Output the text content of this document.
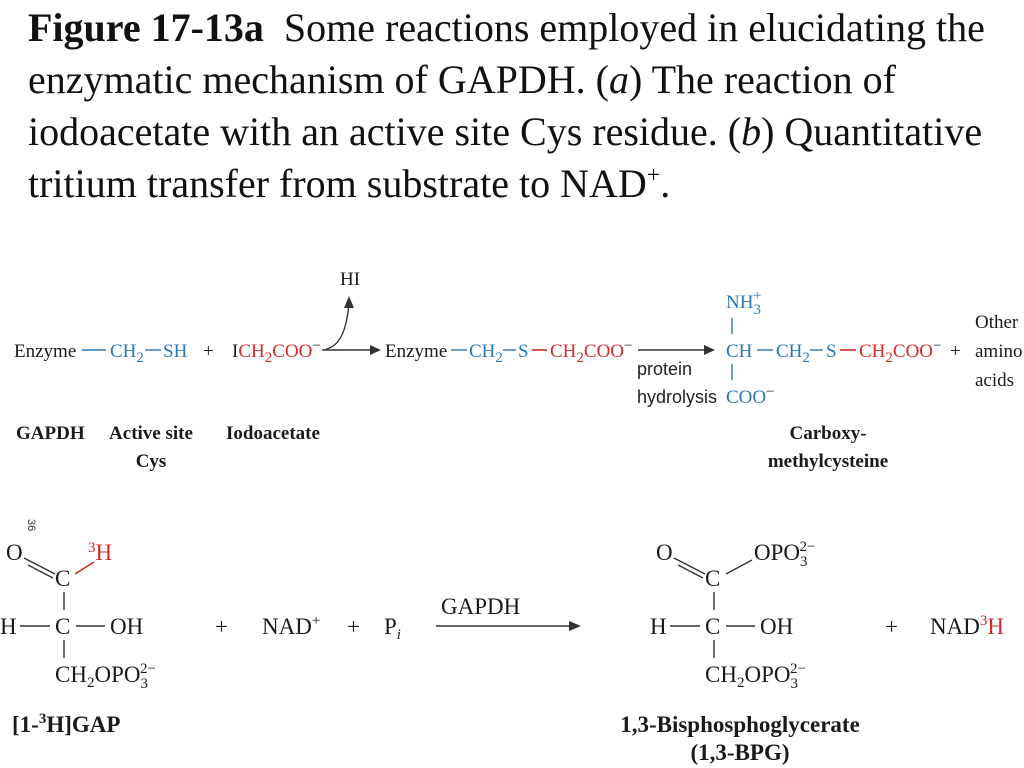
Figure 17-13a Some reactions employed in elucidating the enzymatic mechanism of GAPDH. (a) The reaction of iodoacetate with an active site Cys residue. (b) Quantitative tritium transfer from substrate to NAD+.

HI
Enzyme $CH_2$ SH + $ICH_2COO^-$	Enzyme $CH_2$ S $CH_2COO^-$
protein
hydrolysis
$NH_3+$
CH $CH_2$ S $CH_2COO^-$
COO−
+
Other
amino
acids
GAPDH Active site
Cys
Iodoacetate	Carboxy-
methylcysteine
36
O
C
$^3$H
H C OH
$CH_2OPO_32-$
+ $NAD^+ + P_i$
GAPDH
O
C
$OPO_32-$
H C OH
$CH_2OPO_32-$
+ $NAD^3H$
[1-$^3$H]GAP	1,3-Bisphosphoglycerate
(1,3-BPG)
